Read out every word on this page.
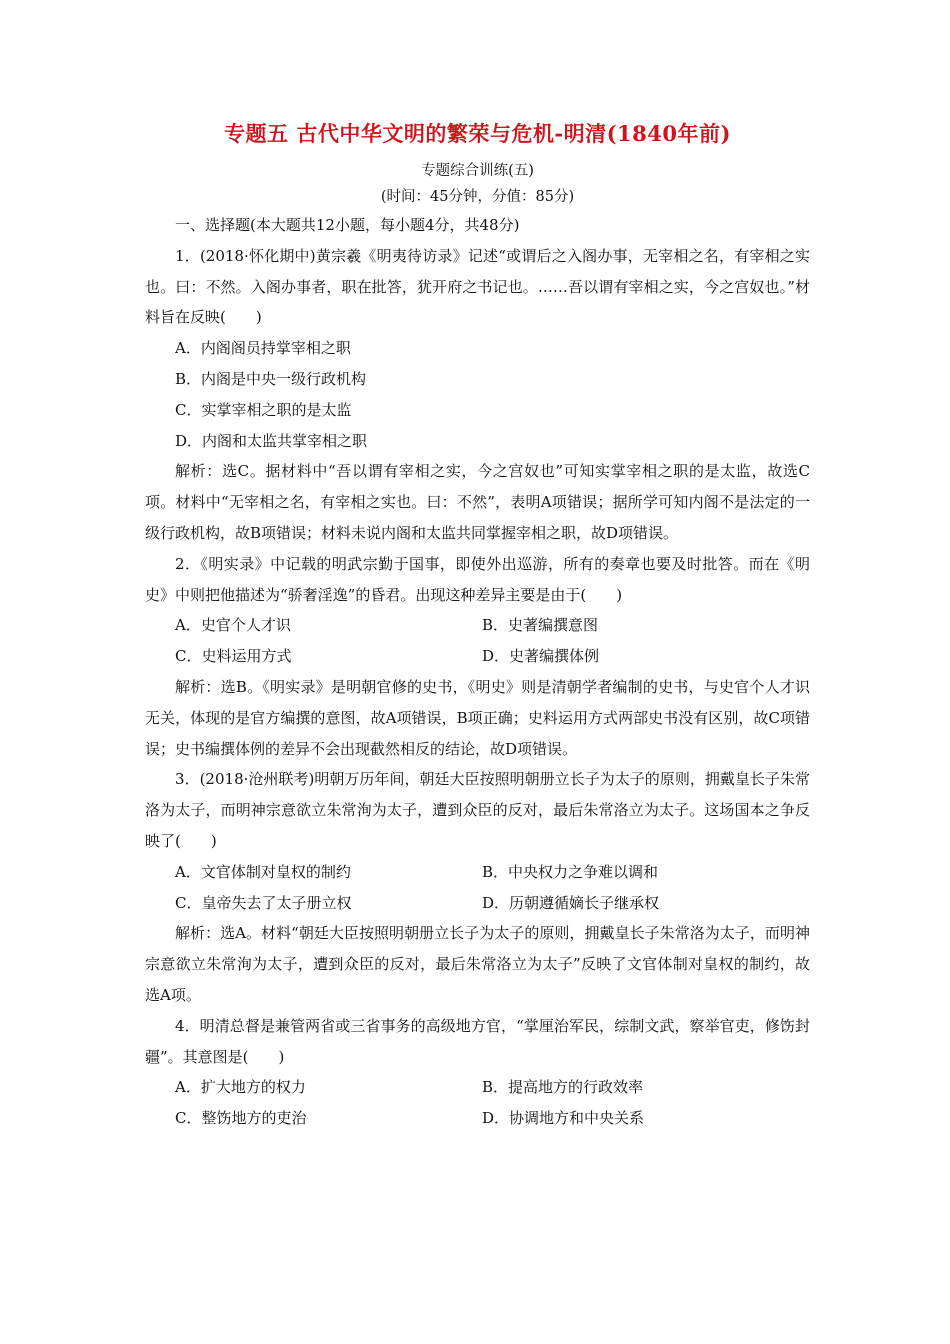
专题五 古代中华文明的繁荣与危机-明清(1840年前)

专题综合训练(五)

(时间：45分钟，分值：85分)

一、选择题(本大题共12小题，每小题4分，共48分)

1．(2018·怀化期中)黄宗羲《明夷待访录》记述“或谓后之入阁办事，无宰相之名，有宰相之实也。曰：不然。入阁办事者，职在批答，犹开府之书记也。……吾以谓有宰相之实，今之宫奴也。”材料旨在反映(　　)

A．内阁阁员持掌宰相之职

B．内阁是中央一级行政机构

C．实掌宰相之职的是太监

D．内阁和太监共掌宰相之职

解析：选C。据材料中“吾以谓有宰相之实，今之宫奴也”可知实掌宰相之职的是太监，故选C项。材料中“无宰相之名，有宰相之实也。曰：不然”，表明A项错误；据所学可知内阁不是法定的一级行政机构，故B项错误；材料未说内阁和太监共同掌握宰相之职，故D项错误。

2．《明实录》中记载的明武宗勤于国事，即使外出巡游，所有的奏章也要及时批答。而在《明史》中则把他描述为“骄奢淫逸”的昏君。出现这种差异主要是由于(　　)

A．史官个人才识	B．史著编撰意图
C．史料运用方式	D．史著编撰体例

解析：选B。《明实录》是明朝官修的史书，《明史》则是清朝学者编制的史书，与史官个人才识无关，体现的是官方编撰的意图，故A项错误，B项正确；史料运用方式两部史书没有区别，故C项错误；史书编撰体例的差异不会出现截然相反的结论，故D项错误。

3．(2018·沧州联考)明朝万历年间，朝廷大臣按照明朝册立长子为太子的原则，拥戴皇长子朱常洛为太子，而明神宗意欲立朱常洵为太子，遭到众臣的反对，最后朱常洛立为太子。这场国本之争反映了(　　)

A．文官体制对皇权的制约	B．中央权力之争难以调和
C．皇帝失去了太子册立权	D．历朝遵循嫡长子继承权

解析：选A。材料“朝廷大臣按照明朝册立长子为太子的原则，拥戴皇长子朱常洛为太子，而明神宗意欲立朱常洵为太子，遭到众臣的反对，最后朱常洛立为太子”反映了文官体制对皇权的制约，故选A项。

4．明清总督是兼管两省或三省事务的高级地方官，“掌厘治军民，综制文武，察举官吏，修饬封疆”。其意图是(　　)

A．扩大地方的权力	B．提高地方的行政效率
C．整饬地方的吏治	D．协调地方和中央关系
